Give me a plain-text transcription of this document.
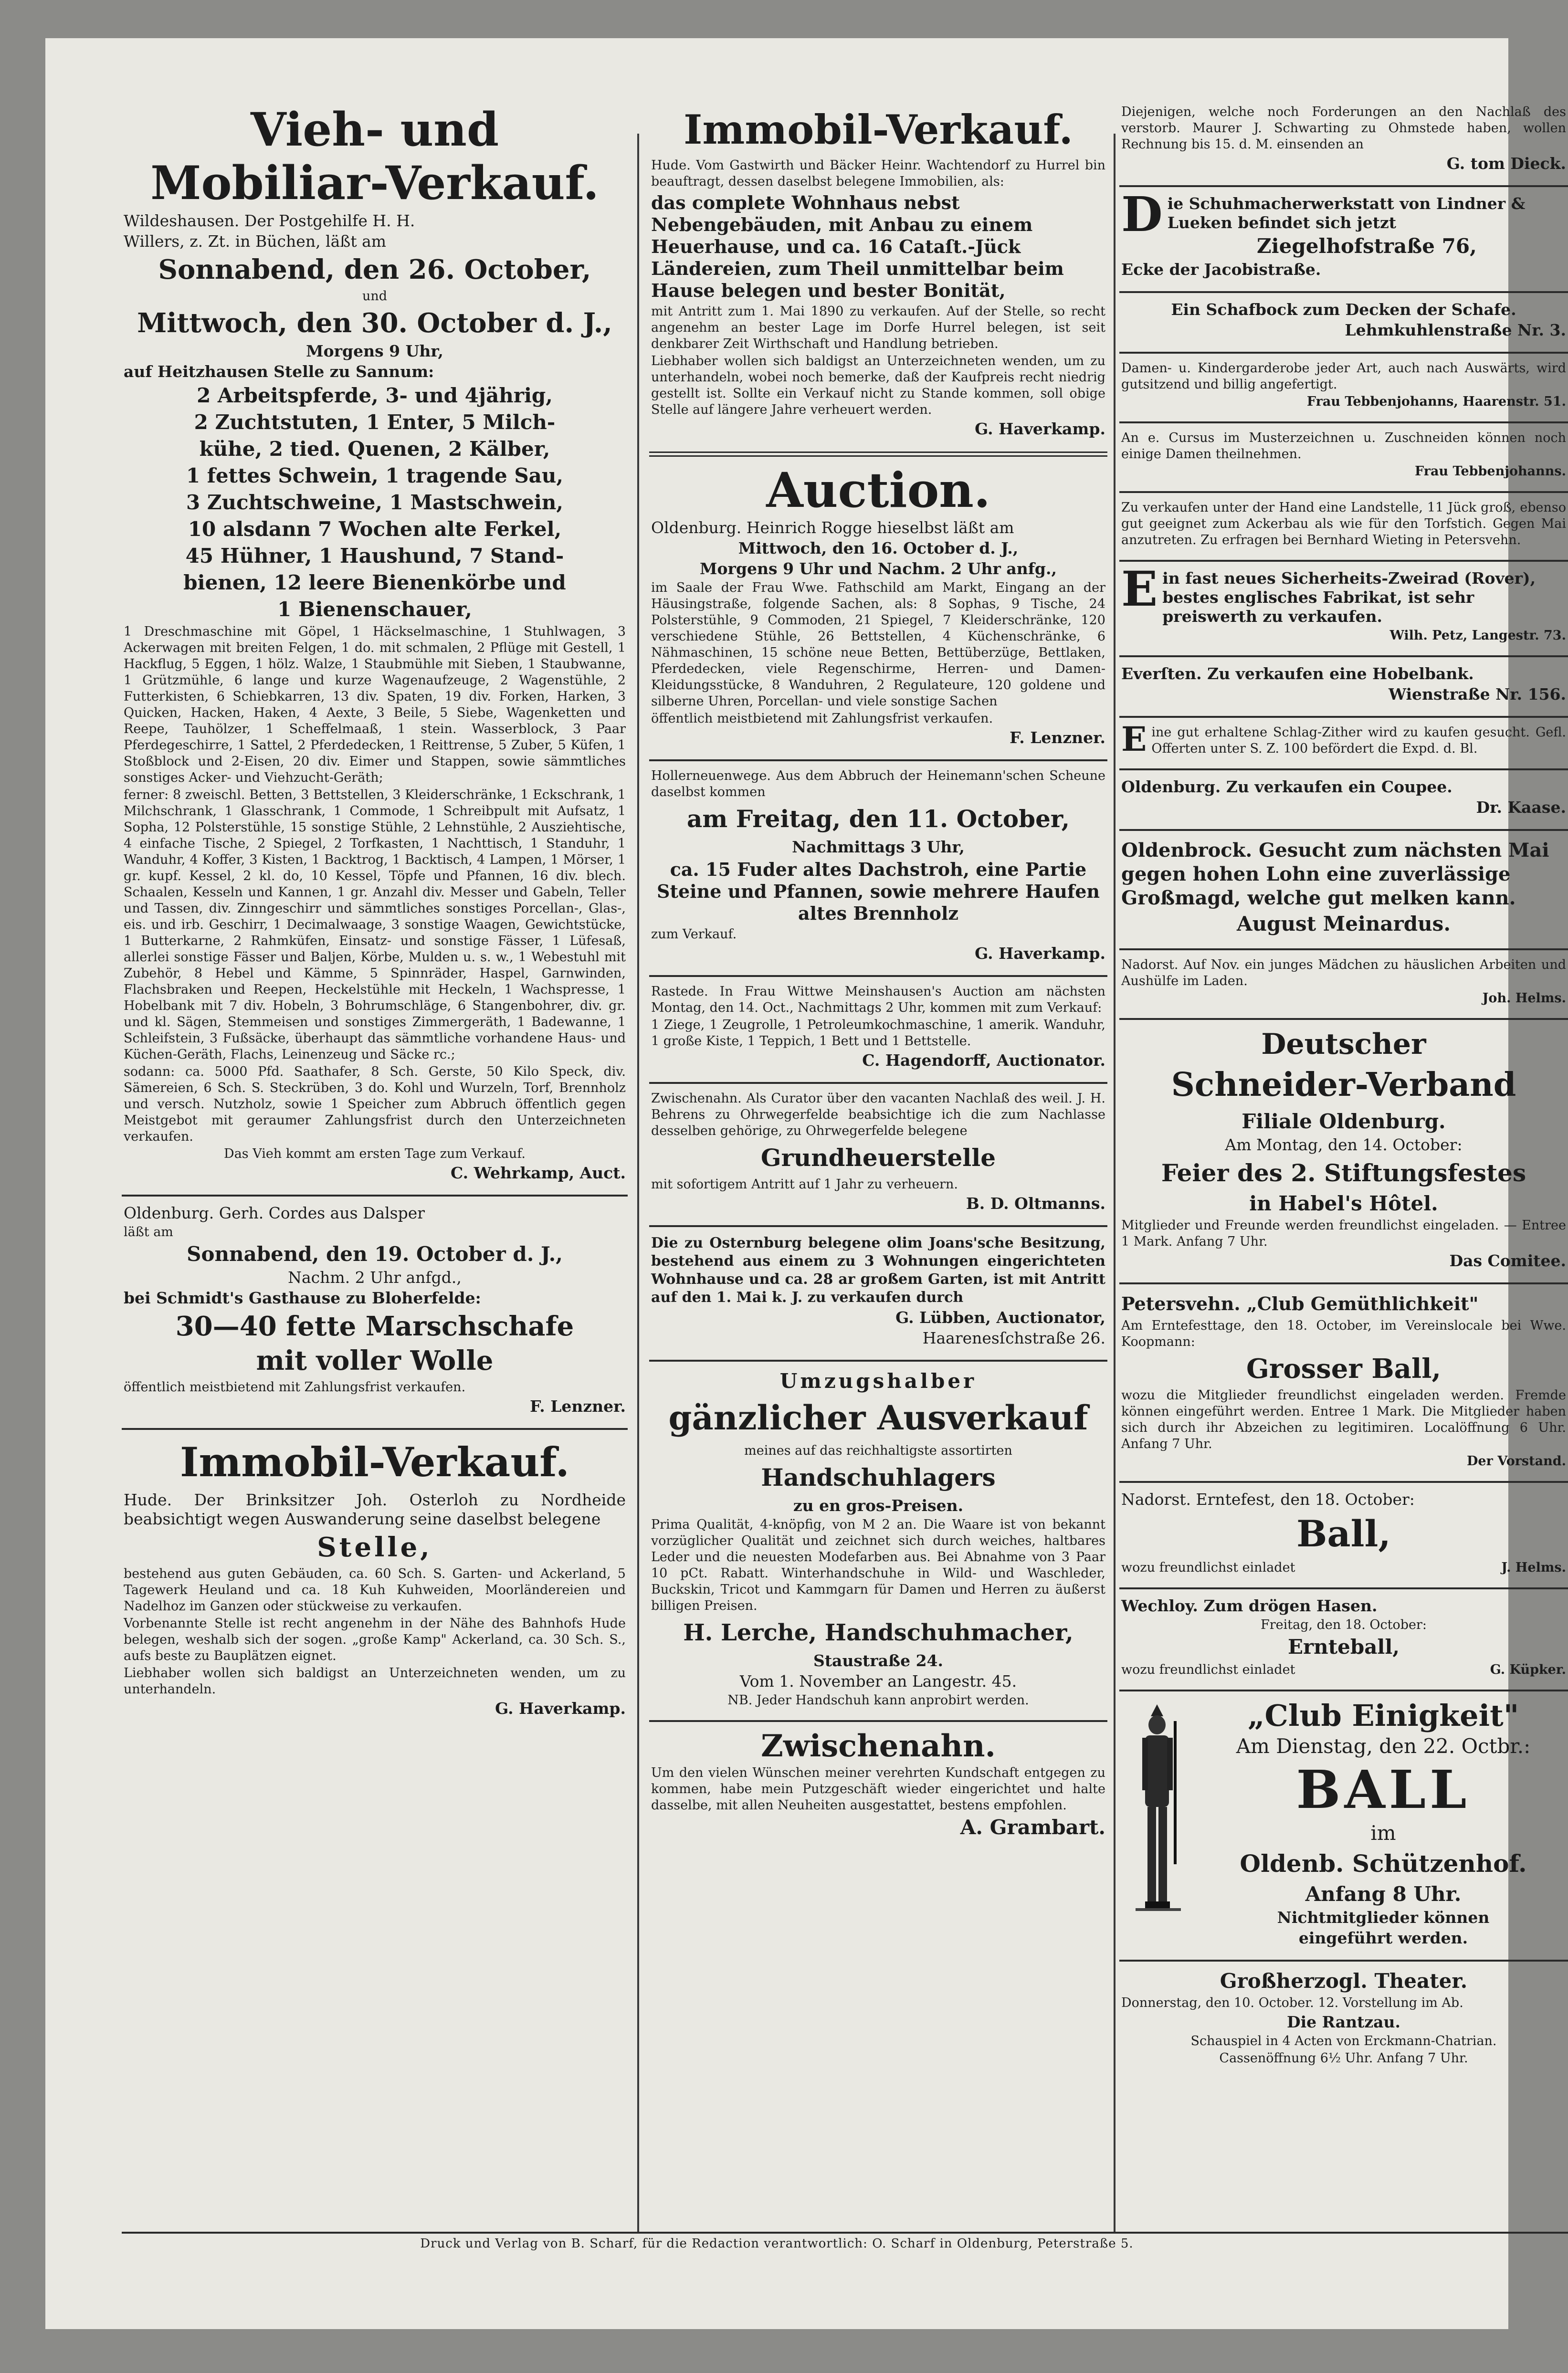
Vieh- und

Mobiliar-Verkauf.

Wildeshausen. Der Postgehilfe H. H.

Willers, z. Zt. in Büchen, läßt am

Sonnabend, den 26. October,

und

Mittwoch, den 30. October d. J.,

Morgens 9 Uhr,

auf Heitzhausen Stelle zu Sannum:

2 Arbeitspferde, 3- und 4jährig,

2 Zuchtstuten, 1 Enter, 5 Milch-

kühe, 2 tied. Quenen, 2 Kälber,

1 fettes Schwein, 1 tragende Sau,

3 Zuchtschweine, 1 Mastschwein,

10 alsdann 7 Wochen alte Ferkel,

45 Hühner, 1 Haushund, 7 Stand-

bienen, 12 leere Bienenkörbe und

1 Bienenschauer,

1 Dreschmaschine mit Göpel, 1 Häckselmaschine, 1 Stuhlwagen, 3 Ackerwagen mit breiten Felgen, 1 do. mit schmalen, 2 Pflüge mit Gestell, 1 Hackflug, 5 Eggen, 1 hölz. Walze, 1 Staubmühle mit Sieben, 1 Staubwanne, 1 Grützmühle, 6 lange und kurze Wagenaufzeuge, 2 Wagenstühle, 2 Futterkisten, 6 Schiebkarren, 13 div. Spaten, 19 div. Forken, Harken, 3 Quicken, Hacken, Haken, 4 Aexte, 3 Beile, 5 Siebe, Wagenketten und Reepe, Tauhölzer, 1 Scheffelmaaß, 1 stein. Wasserblock, 3 Paar Pferdegeschirre, 1 Sattel, 2 Pferdedecken, 1 Reittrense, 5 Zuber, 5 Küfen, 1 Stoßblock und 2-Eisen, 20 div. Eimer und Stappen, sowie sämmtliches sonstiges Acker- und Viehzucht-Geräth;

ferner: 8 zweischl. Betten, 3 Bettstellen, 3 Kleiderschränke, 1 Eckschrank, 1 Milchschrank, 1 Glasschrank, 1 Commode, 1 Schreibpult mit Aufsatz, 1 Sopha, 12 Polsterstühle, 15 sonstige Stühle, 2 Lehnstühle, 2 Ausziehtische, 4 einfache Tische, 2 Spiegel, 2 Torfkasten, 1 Nachttisch, 1 Standuhr, 1 Wanduhr, 4 Koffer, 3 Kisten, 1 Backtrog, 1 Backtisch, 4 Lampen, 1 Mörser, 1 gr. kupf. Kessel, 2 kl. do, 10 Kessel, Töpfe und Pfannen, 16 div. blech. Schaalen, Kesseln und Kannen, 1 gr. Anzahl div. Messer und Gabeln, Teller und Tassen, div. Zinngeschirr und sämmtliches sonstiges Porcellan-, Glas-, eis. und irb. Geschirr, 1 Decimalwaage, 3 sonstige Waagen, Gewichtstücke, 1 Butterkarne, 2 Rahmküfen, Einsatz- und sonstige Fässer, 1 Lüfesaß, allerlei sonstige Fässer und Baljen, Körbe, Mulden u. s. w., 1 Webestuhl mit Zubehör, 8 Hebel und Kämme, 5 Spinnräder, Haspel, Garnwinden, Flachsbraken und Reepen, Heckelstühle mit Heckeln, 1 Wachspresse, 1 Hobelbank mit 7 div. Hobeln, 3 Bohrumschläge, 6 Stangenbohrer, div. gr. und kl. Sägen, Stemmeisen und sonstiges Zimmergeräth, 1 Badewanne, 1 Schleifstein, 3 Fußsäcke, überhaupt das sämmtliche vorhandene Haus- und Küchen-Geräth, Flachs, Leinenzeug und Säcke rc.;

sodann: ca. 5000 Pfd. Saathafer, 8 Sch. Gerste, 50 Kilo Speck, div. Sämereien, 6 Sch. S. Steckrüben, 3 do. Kohl und Wurzeln, Torf, Brennholz und versch. Nutzholz, sowie 1 Speicher zum Abbruch öffentlich gegen Meistgebot mit geraumer Zahlungsfrist durch den Unterzeichneten verkaufen.

Das Vieh kommt am ersten Tage zum Verkauf.

C. Wehrkamp, Auct.

Oldenburg. Gerh. Cordes aus Dalsper

läßt am

Sonnabend, den 19. October d. J.,

Nachm. 2 Uhr anfgd.,

bei Schmidt's Gasthause zu Bloherfelde:

30—40 fette Marschschafe

mit voller Wolle

öffentlich meistbietend mit Zahlungsfrist verkaufen.

F. Lenzner.

Immobil-Verkauf.

Hude. Der Brinksitzer Joh. Osterloh zu Nordheide beabsichtigt wegen Auswanderung seine daselbst belegene

Stelle,

bestehend aus guten Gebäuden, ca. 60 Sch. S. Garten- und Ackerland, 5 Tagewerk Heuland und ca. 18 Kuh Kuhweiden, Moorländereien und Nadelhoz im Ganzen oder stückweise zu verkaufen.

Vorbenannte Stelle ist recht angenehm in der Nähe des Bahnhofs Hude belegen, weshalb sich der sogen. „große Kamp" Ackerland, ca. 30 Sch. S., aufs beste zu Bauplätzen eignet.

Liebhaber wollen sich baldigst an Unterzeichneten wenden, um zu unterhandeln.

G. Haverkamp.

Immobil-Verkauf.

Hude. Vom Gastwirth und Bäcker Heinr. Wachtendorf zu Hurrel bin beauftragt, dessen daselbst belegene Immobilien, als:

das complete Wohnhaus nebst Nebengebäuden, mit Anbau zu einem Heuerhause, und ca. 16 Cataſt.-Jück Ländereien, zum Theil unmittelbar beim Hause belegen und bester Bonität,

mit Antritt zum 1. Mai 1890 zu verkaufen. Auf der Stelle, so recht angenehm an bester Lage im Dorfe Hurrel belegen, ist seit denkbarer Zeit Wirthschaft und Handlung betrieben.

Liebhaber wollen sich baldigst an Unterzeichneten wenden, um zu unterhandeln, wobei noch bemerke, daß der Kaufpreis recht niedrig gestellt ist. Sollte ein Verkauf nicht zu Stande kommen, soll obige Stelle auf längere Jahre verheuert werden.

G. Haverkamp.

Auction.

Oldenburg. Heinrich Rogge hieselbst läßt am

Mittwoch, den 16. October d. J.,

Morgens 9 Uhr und Nachm. 2 Uhr anfg.,

im Saale der Frau Wwe. Fathschild am Markt, Eingang an der Häusingstraße, folgende Sachen, als: 8 Sophas, 9 Tische, 24 Polsterstühle, 9 Commoden, 21 Spiegel, 7 Kleiderschränke, 120 verschiedene Stühle, 26 Bettstellen, 4 Küchenschränke, 6 Nähmaschinen, 15 schöne neue Betten, Bettüberzüge, Bettlaken, Pferdedecken, viele Regenschirme, Herren- und Damen-Kleidungsstücke, 8 Wanduhren, 2 Regulateure, 120 goldene und silberne Uhren, Porcellan- und viele sonstige Sachen

öffentlich meistbietend mit Zahlungsfrist verkaufen.

F. Lenzner.

Hollerneuenwege. Aus dem Abbruch der Heinemann'schen Scheune daselbst kommen

am Freitag, den 11. October,

Nachmittags 3 Uhr,

ca. 15 Fuder altes Dachstroh, eine Partie Steine und Pfannen, sowie mehrere Haufen altes Brennholz

zum Verkauf.

G. Haverkamp.

Rastede. In Frau Wittwe Meinshausen's Auction am nächsten Montag, den 14. Oct., Nachmittags 2 Uhr, kommen mit zum Verkauf:

1 Ziege, 1 Zeugrolle, 1 Petroleumkochmaschine, 1 amerik. Wanduhr, 1 große Kiste, 1 Teppich, 1 Bett und 1 Bettstelle.

C. Hagendorff, Auctionator.

Zwischenahn. Als Curator über den vacanten Nachlaß des weil. J. H. Behrens zu Ohrwegerfelde beabsichtige ich die zum Nachlasse desselben gehörige, zu Ohrwegerfelde belegene

Grundheuerstelle

mit sofortigem Antritt auf 1 Jahr zu verheuern.

B. D. Oltmanns.

Die zu Osternburg belegene olim Joans'sche Besitzung, bestehend aus einem zu 3 Wohnungen eingerichteten Wohnhause und ca. 28 ar großem Garten, ist mit Antritt auf den 1. Mai k. J. zu verkaufen durch

G. Lübben, Auctionator,

Haarenesſchstraße 26.

Umzugshalber

gänzlicher Ausverkauf

meines auf das reichhaltigste assortirten

Handschuhlagers

zu en gros-Preisen.

Prima Qualität, 4-knöpfig, von M 2 an. Die Waare ist von bekannt vorzüglicher Qualität und zeichnet sich durch weiches, haltbares Leder und die neuesten Modefarben aus. Bei Abnahme von 3 Paar 10 pCt. Rabatt. Winterhandschuhe in Wild- und Waschleder, Buckskin, Tricot und Kammgarn für Damen und Herren zu äußerst billigen Preisen.

H. Lerche, Handschuhmacher,

Staustraße 24.

Vom 1. November an Langestr. 45.

NB. Jeder Handschuh kann anprobirt werden.

Zwischenahn.

Um den vielen Wünschen meiner verehrten Kundschaft entgegen zu kommen, habe mein Putzgeschäft wieder eingerichtet und halte dasselbe, mit allen Neuheiten ausgestattet, bestens empfohlen.

A. Grambart.

Diejenigen, welche noch Forderungen an den Nachlaß des verstorb. Maurer J. Schwarting zu Ohmstede haben, wollen Rechnung bis 15. d. M. einsenden an

G. tom Dieck.

D ie Schuhmacherwerkstatt von Lindner & Lueken befindet sich jetzt

Ziegelhofstraße 76,

Ecke der Jacobistraße.

Ein Schafbock zum Decken der Schafe.

Lehmkuhlenstraße Nr. 3.

Damen- u. Kindergarderobe jeder Art, auch nach Auswärts, wird gutsitzend und billig angefertigt.

Frau Tebbenjohanns, Haarenstr. 51.

An e. Cursus im Musterzeichnen u. Zuschneiden können noch einige Damen theilnehmen.

Frau Tebbenjohanns.

Zu verkaufen unter der Hand eine Landstelle, 11 Jück groß, ebenso gut geeignet zum Ackerbau als wie für den Torfstich. Gegen Mai anzutreten. Zu erfragen bei Bernhard Wieting in Petersvehn.

E in fast neues Sicherheits-Zweirad (Rover), bestes englisches Fabrikat, ist sehr preiswerth zu verkaufen.

Wilh. Petz, Langestr. 73.

Everſten. Zu verkaufen eine Hobelbank.

Wienstraße Nr. 156.

E ine gut erhaltene Schlag-Zither wird zu kaufen gesucht. Gefl. Offerten unter S. Z. 100 befördert die Expd. d. Bl.

Oldenburg. Zu verkaufen ein Coupee.

Dr. Kaase.

Oldenbrock. Gesucht zum nächsten Mai gegen hohen Lohn eine zuverlässige Großmagd, welche gut melken kann.

August Meinardus.

Nadorst. Auf Nov. ein junges Mädchen zu häuslichen Arbeiten und Aushülfe im Laden.

Joh. Helms.

Deutscher

Schneider-Verband

Filiale Oldenburg.

Am Montag, den 14. October:

Feier des 2. Stiftungsfestes

in Habel's Hôtel.

Mitglieder und Freunde werden freundlichst eingeladen. — Entree 1 Mark. Anfang 7 Uhr.

Das Comitee.

Petersvehn. „Club Gemüthlichkeit"

Am Erntefesttage, den 18. October, im Vereinslocale bei Wwe. Koopmann:

Grosser Ball,

wozu die Mitglieder freundlichst eingeladen werden. Fremde können eingeführt werden. Entree 1 Mark. Die Mitglieder haben sich durch ihr Abzeichen zu legitimiren. Localöffnung 6 Uhr. Anfang 7 Uhr.

Der Vorstand.

Nadorst. Erntefest, den 18. October:

Ball,

wozu freundlichst einladet	J. Helms.

Wechloy. Zum drögen Hasen.

Freitag, den 18. October:

Ernteball,

wozu freundlichst einladet	G. Küpker.

„Club Einigkeit"

Am Dienstag, den 22. Octbr.:

BALL

im

Oldenb. Schützenhof.

Anfang 8 Uhr.

Nichtmitglieder können

eingeführt werden.

Großherzogl. Theater.

Donnerstag, den 10. October. 12. Vorstellung im Ab.

Die Rantzau.

Schauspiel in 4 Acten von Erckmann-Chatrian.

Cassenöffnung 6½ Uhr. Anfang 7 Uhr.

Druck und Verlag von B. Scharf, für die Redaction verantwortlich: O. Scharf in Oldenburg, Peterstraße 5.
